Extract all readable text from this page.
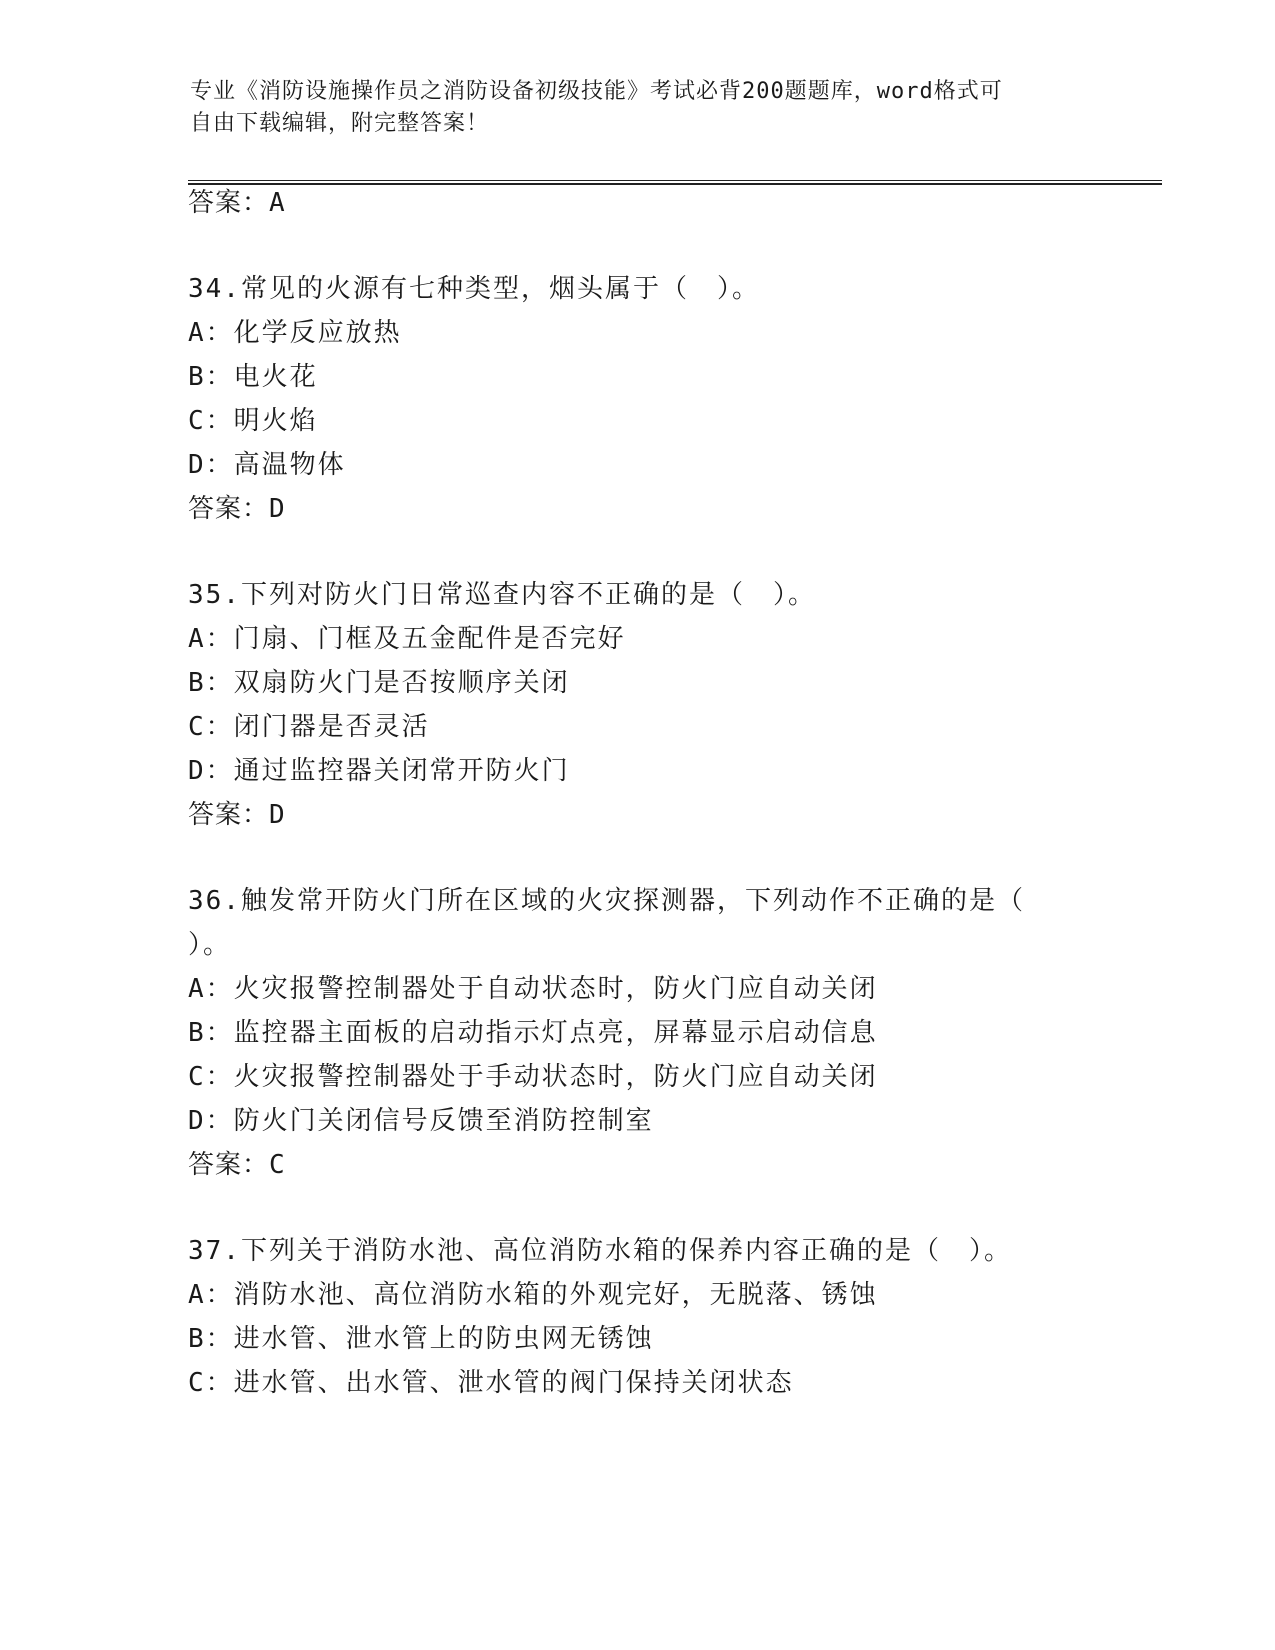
专业《消防设施操作员之消防设备初级技能》考试必背200题题库，word格式可
自由下载编辑，附完整答案！
答案：A
34.常见的火源有七种类型，烟头属于（　）。
A：化学反应放热
B：电火花
C：明火焰
D：高温物体
答案：D
35.下列对防火门日常巡查内容不正确的是（　）。
A：门扇、门框及五金配件是否完好
B：双扇防火门是否按顺序关闭
C：闭门器是否灵活
D：通过监控器关闭常开防火门
答案：D
36.触发常开防火门所在区域的火灾探测器，下列动作不正确的是（
）。
A：火灾报警控制器处于自动状态时，防火门应自动关闭
B：监控器主面板的启动指示灯点亮，屏幕显示启动信息
C：火灾报警控制器处于手动状态时，防火门应自动关闭
D：防火门关闭信号反馈至消防控制室
答案：C
37.下列关于消防水池、高位消防水箱的保养内容正确的是（　）。
A：消防水池、高位消防水箱的外观完好，无脱落、锈蚀
B：进水管、泄水管上的防虫网无锈蚀
C：进水管、出水管、泄水管的阀门保持关闭状态
